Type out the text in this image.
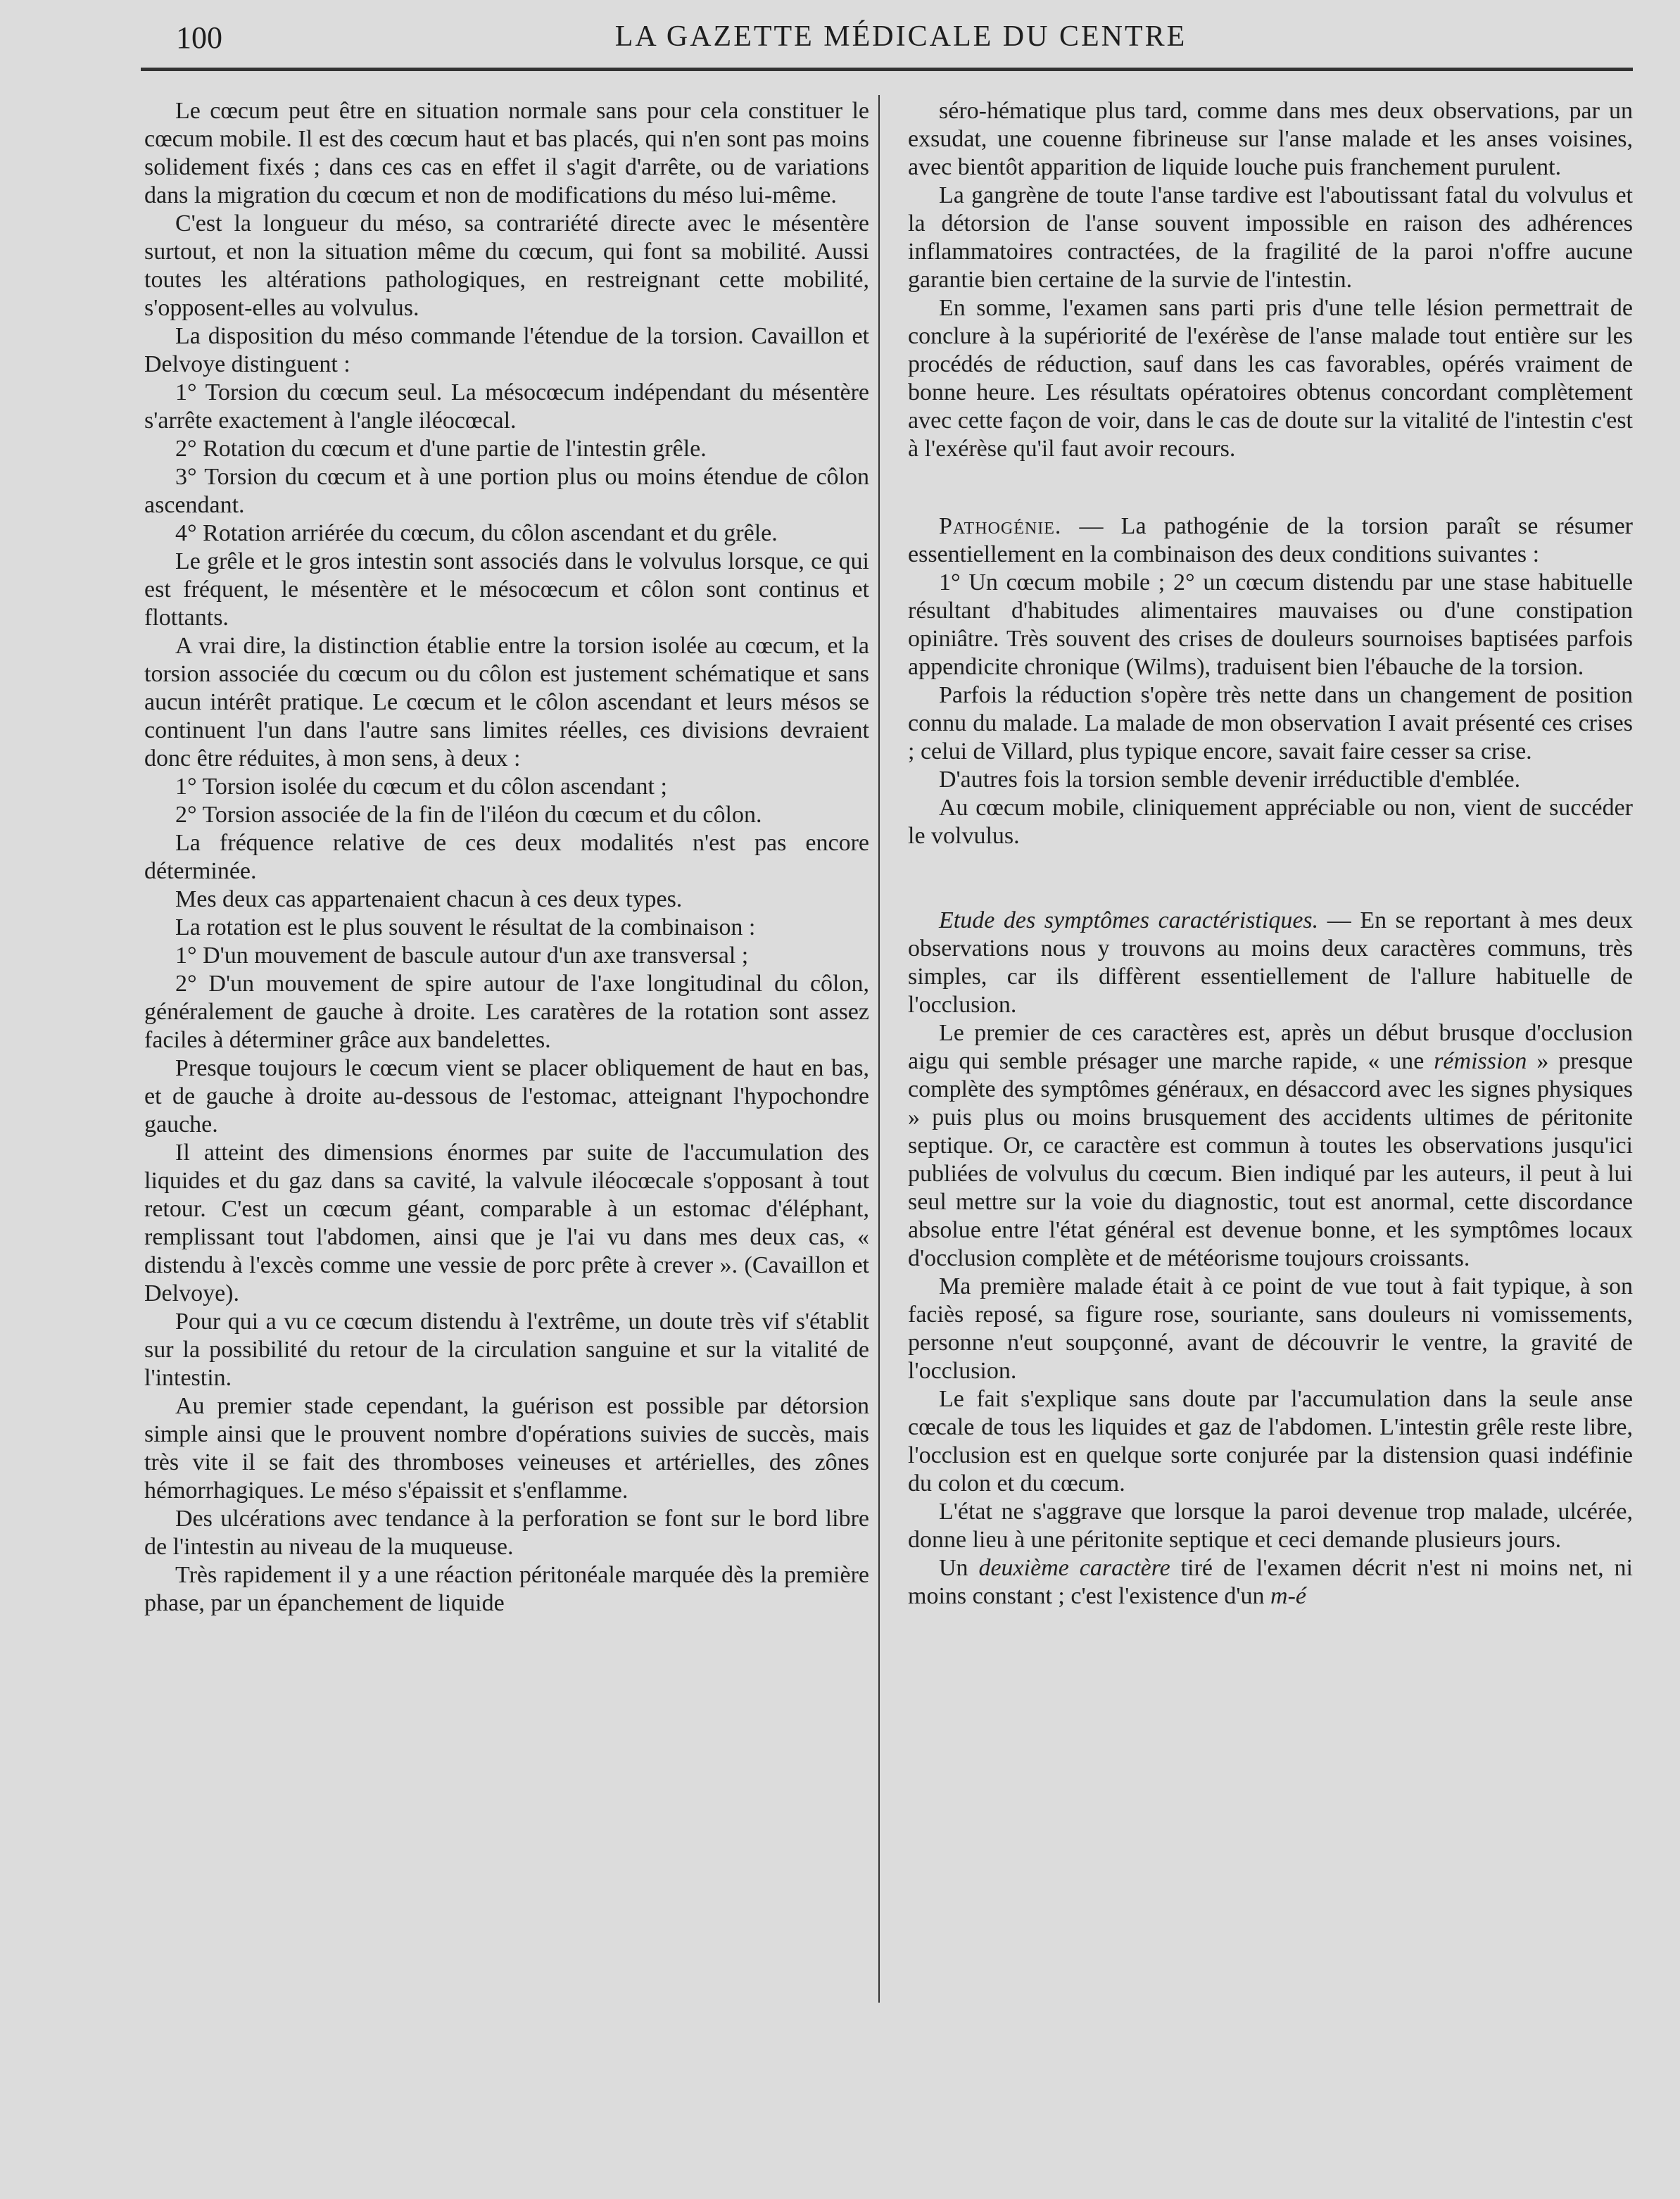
100	LA GAZETTE MÉDICALE DU CENTRE

Le cœcum peut être en situation normale sans pour cela constituer le cœcum mobile. Il est des cœcum haut et bas placés, qui n'en sont pas moins solidement fixés ; dans ces cas en effet il s'agit d'arrête, ou de variations dans la migration du cœcum et non de modifications du méso lui-même.

C'est la longueur du méso, sa contrariété directe avec le mésentère surtout, et non la situation même du cœcum, qui font sa mobilité. Aussi toutes les altérations pathologiques, en restreignant cette mobilité, s'opposent-elles au volvulus.

La disposition du méso commande l'étendue de la torsion. Cavaillon et Delvoye distinguent :

1° Torsion du cœcum seul. La mésocœcum indépendant du mésentère s'arrête exactement à l'angle iléocœcal.

2° Rotation du cœcum et d'une partie de l'intestin grêle.

3° Torsion du cœcum et à une portion plus ou moins étendue de côlon ascendant.

4° Rotation arriérée du cœcum, du côlon ascendant et du grêle.

Le grêle et le gros intestin sont associés dans le volvulus lorsque, ce qui est fréquent, le mésentère et le mésocœcum et côlon sont continus et flottants.

A vrai dire, la distinction établie entre la torsion isolée au cœcum, et la torsion associée du cœcum ou du côlon est justement schématique et sans aucun intérêt pratique. Le cœcum et le côlon ascendant et leurs mésos se continuent l'un dans l'autre sans limites réelles, ces divisions devraient donc être réduites, à mon sens, à deux :

1° Torsion isolée du cœcum et du côlon ascendant ;

2° Torsion associée de la fin de l'iléon du cœcum et du côlon.

La fréquence relative de ces deux modalités n'est pas encore déterminée.

Mes deux cas appartenaient chacun à ces deux types.

La rotation est le plus souvent le résultat de la combinaison :

1° D'un mouvement de bascule autour d'un axe transversal ;

2° D'un mouvement de spire autour de l'axe longitudinal du côlon, généralement de gauche à droite. Les caratères de la rotation sont assez faciles à déterminer grâce aux bandelettes.

Presque toujours le cœcum vient se placer obliquement de haut en bas, et de gauche à droite au-dessous de l'estomac, atteignant l'hypochondre gauche.

Il atteint des dimensions énormes par suite de l'accumulation des liquides et du gaz dans sa cavité, la valvule iléocœcale s'opposant à tout retour. C'est un cœcum géant, comparable à un estomac d'éléphant, remplissant tout l'abdomen, ainsi que je l'ai vu dans mes deux cas, « distendu à l'excès comme une vessie de porc prête à crever ». (Cavaillon et Delvoye).

Pour qui a vu ce cœcum distendu à l'extrême, un doute très vif s'établit sur la possibilité du retour de la circulation sanguine et sur la vitalité de l'intestin.

Au premier stade cependant, la guérison est possible par détorsion simple ainsi que le prouvent nombre d'opérations suivies de succès, mais très vite il se fait des thromboses veineuses et artérielles, des zônes hémorrhagiques. Le méso s'épaissit et s'enflamme.

Des ulcérations avec tendance à la perforation se font sur le bord libre de l'intestin au niveau de la muqueuse.

Très rapidement il y a une réaction péritonéale marquée dès la première phase, par un épanchement de liquide

séro-hématique plus tard, comme dans mes deux observations, par un exsudat, une couenne fibrineuse sur l'anse malade et les anses voisines, avec bientôt apparition de liquide louche puis franchement purulent.

La gangrène de toute l'anse tardive est l'aboutissant fatal du volvulus et la détorsion de l'anse souvent impossible en raison des adhérences inflammatoires contractées, de la fragilité de la paroi n'offre aucune garantie bien certaine de la survie de l'intestin.

En somme, l'examen sans parti pris d'une telle lésion permettrait de conclure à la supériorité de l'exérèse de l'anse malade tout entière sur les procédés de réduction, sauf dans les cas favorables, opérés vraiment de bonne heure. Les résultats opératoires obtenus concordant complètement avec cette façon de voir, dans le cas de doute sur la vitalité de l'intestin c'est à l'exérèse qu'il faut avoir recours.

Pathogénie. — La pathogénie de la torsion paraît se résumer essentiellement en la combinaison des deux conditions suivantes :

1° Un cœcum mobile ; 2° un cœcum distendu par une stase habituelle résultant d'habitudes alimentaires mauvaises ou d'une constipation opiniâtre. Très souvent des crises de douleurs sournoises baptisées parfois appendicite chronique (Wilms), traduisent bien l'ébauche de la torsion.

Parfois la réduction s'opère très nette dans un changement de position connu du malade. La malade de mon observation I avait présenté ces crises ; celui de Villard, plus typique encore, savait faire cesser sa crise.

D'autres fois la torsion semble devenir irréductible d'emblée.

Au cœcum mobile, cliniquement appréciable ou non, vient de succéder le volvulus.

Etude des symptômes caractéristiques. — En se reportant à mes deux observations nous y trouvons au moins deux caractères communs, très simples, car ils diffèrent essentiellement de l'allure habituelle de l'occlusion.

Le premier de ces caractères est, après un début brusque d'occlusion aigu qui semble présager une marche rapide, « une rémission » presque complète des symptômes généraux, en désaccord avec les signes physiques » puis plus ou moins brusquement des accidents ultimes de péritonite septique. Or, ce caractère est commun à toutes les observations jusqu'ici publiées de volvulus du cœcum. Bien indiqué par les auteurs, il peut à lui seul mettre sur la voie du diagnostic, tout est anormal, cette discordance absolue entre l'état général est devenue bonne, et les symptômes locaux d'occlusion complète et de météorisme toujours croissants.

Ma première malade était à ce point de vue tout à fait typique, à son faciès reposé, sa figure rose, souriante, sans douleurs ni vomissements, personne n'eut soupçonné, avant de découvrir le ventre, la gravité de l'occlusion.

Le fait s'explique sans doute par l'accumulation dans la seule anse cœcale de tous les liquides et gaz de l'abdomen. L'intestin grêle reste libre, l'occlusion est en quelque sorte conjurée par la distension quasi indéfinie du colon et du cœcum.

L'état ne s'aggrave que lorsque la paroi devenue trop malade, ulcérée, donne lieu à une péritonite septique et ceci demande plusieurs jours.

Un deuxième caractère tiré de l'examen décrit n'est ni moins net, ni moins constant ; c'est l'existence d'un m-é
